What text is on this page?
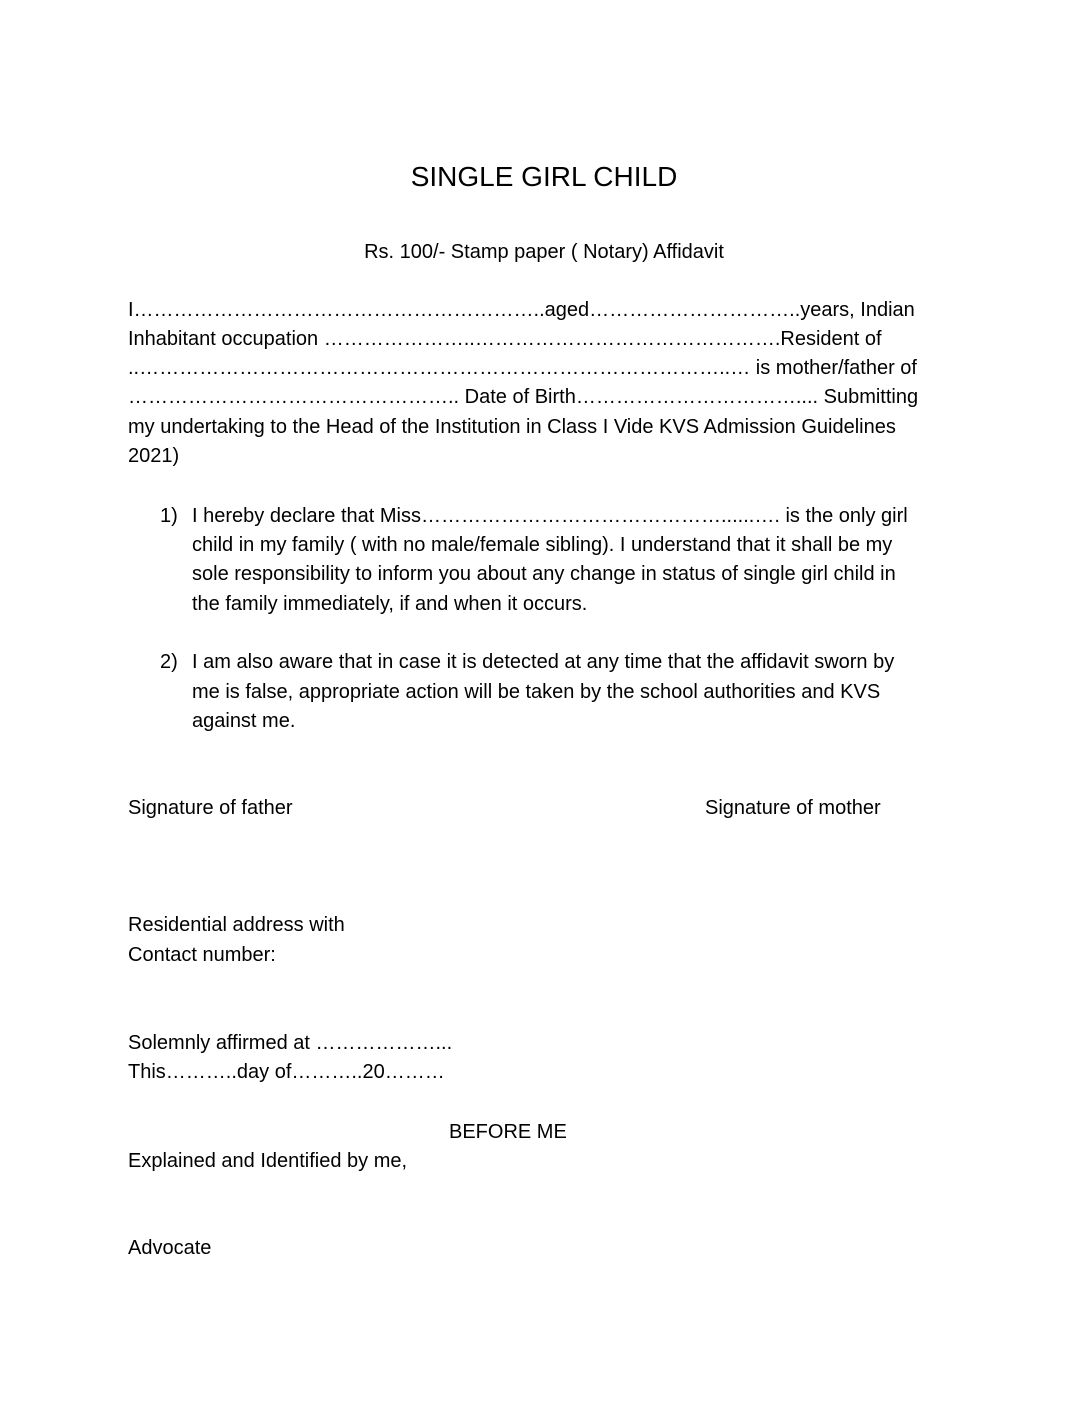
SINGLE GIRL CHILD
Rs. 100/- Stamp paper ( Notary) Affidavit
I……………………………………………………..aged…………………………..years, Indian
Inhabitant occupation …………………..……………………………………….Resident of
..……………………………………………………………………………..… is mother/father of
………………………………………….. Date of Birth…………………………….... Submitting
my undertaking to the Head of the Institution in Class I Vide KVS Admission Guidelines
2021)
1) I hereby declare that Miss………………………………………......…. is the only girl
child in my family ( with no male/female sibling). I understand that it shall be my
sole responsibility to inform you about any change in status of single girl child in
the family immediately, if and when it occurs.
2) I am also aware that in case it is detected at any time that the affidavit sworn by
me is false, appropriate action will be taken by the school authorities and KVS
against me.
Signature of father	Signature of mother
Residential address with
Contact number:
Solemnly affirmed at ………………...
This………..day of………..20………
BEFORE ME
Explained and Identified by me,
Advocate
